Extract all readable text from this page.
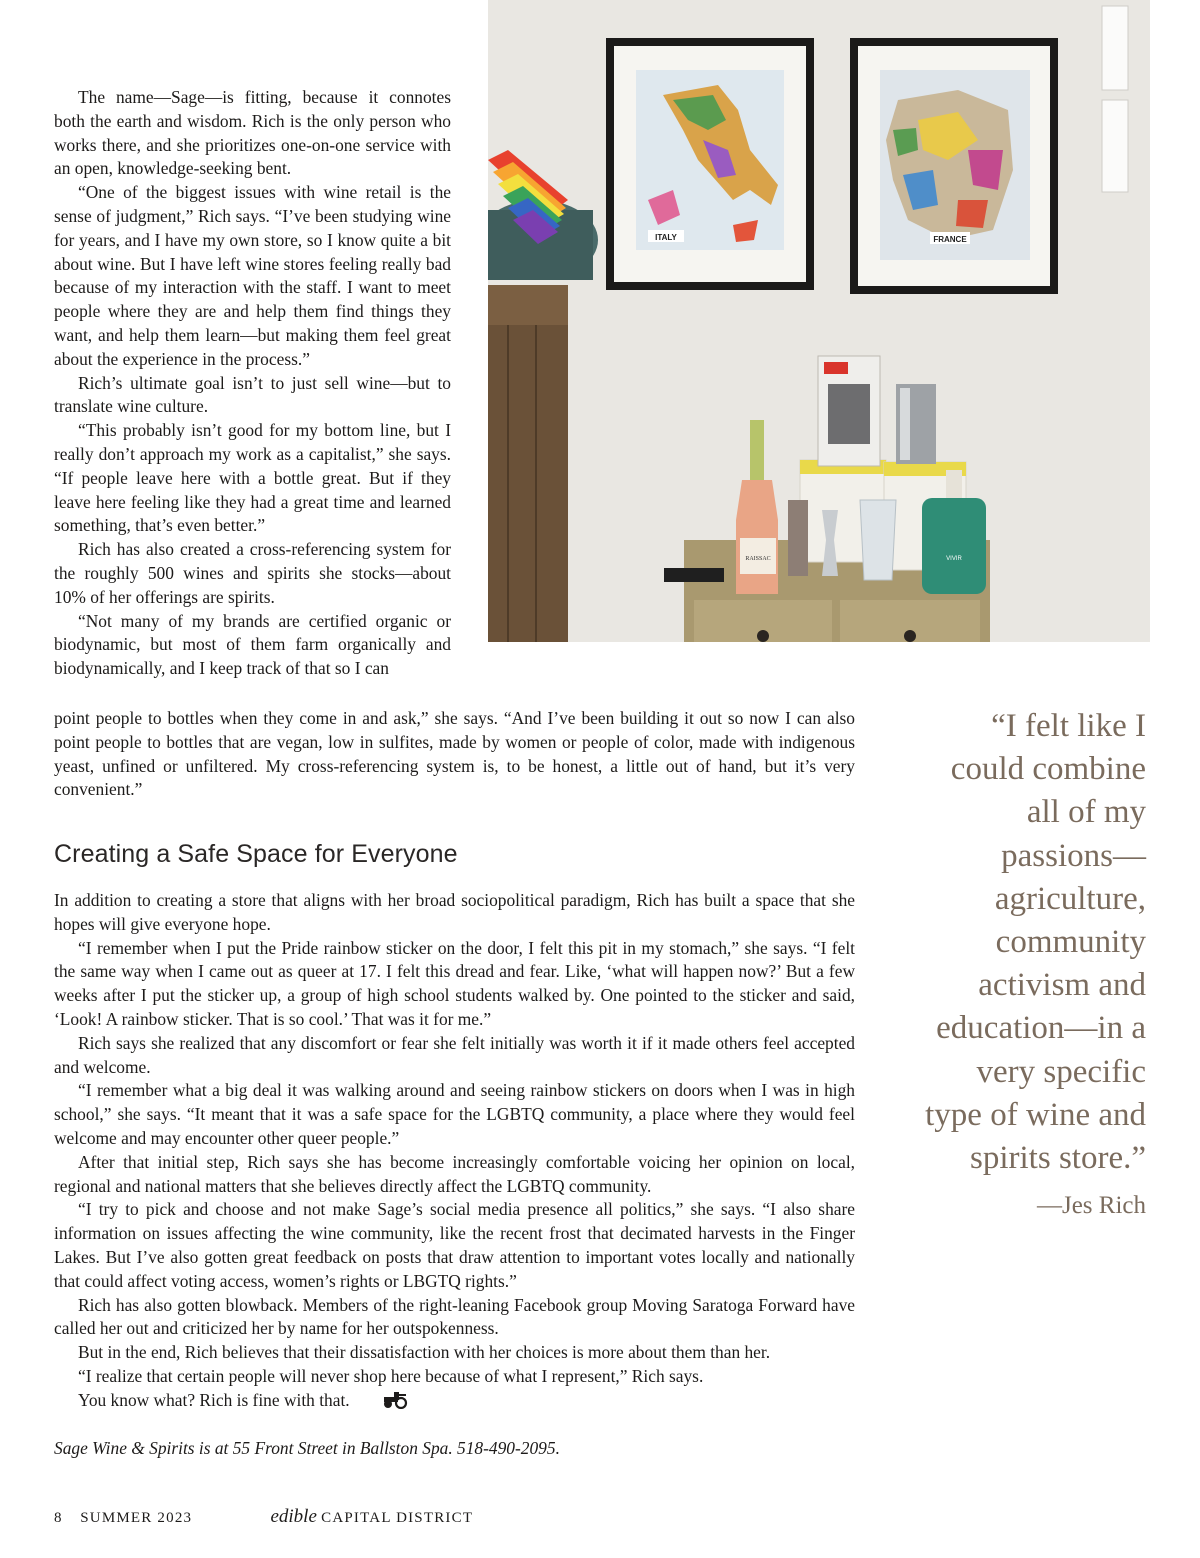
ITALY	FRANCE
RAISSAC	VIVIR

The name—Sage—is fitting, because it connotes both the earth and wisdom. Rich is the only person who works there, and she prioritizes one-on-one service with an open, knowledge-seeking bent.

“One of the biggest issues with wine retail is the sense of judgment,” Rich says. “I’ve been studying wine for years, and I have my own store, so I know quite a bit about wine. But I have left wine stores feeling really bad because of my interaction with the staff. I want to meet people where they are and help them find things they want, and help them learn—but making them feel great about the experience in the process.”

Rich’s ultimate goal isn’t to just sell wine—but to translate wine culture.

“This probably isn’t good for my bottom line, but I really don’t approach my work as a capitalist,” she says. “If people leave here with a bottle great. But if they leave here feeling like they had a great time and learned something, that’s even better.”

Rich has also created a cross-referencing system for the roughly 500 wines and spirits she stocks—about 10% of her offerings are spirits.

“Not many of my brands are certified organic or biodynamic, but most of them farm organically and biodynamically, and I keep track of that so I can

point people to bottles when they come in and ask,” she says. “And I’ve been building it out so now I can also point people to bottles that are vegan, low in sulfites, made by women or people of color, made with indigenous yeast, unfined or unfiltered. My cross-referencing system is, to be honest, a little out of hand, but it’s very convenient.”

Creating a Safe Space for Everyone

In addition to creating a store that aligns with her broad sociopolitical paradigm, Rich has built a space that she hopes will give everyone hope.

“I remember when I put the Pride rainbow sticker on the door, I felt this pit in my stomach,” she says. “I felt the same way when I came out as queer at 17. I felt this dread and fear. Like, ‘what will happen now?’ But a few weeks after I put the sticker up, a group of high school students walked by. One pointed to the sticker and said, ‘Look! A rainbow sticker. That is so cool.’ That was it for me.”

Rich says she realized that any discomfort or fear she felt initially was worth it if it made others feel accepted and welcome.

“I remember what a big deal it was walking around and seeing rainbow stickers on doors when I was in high school,” she says. “It meant that it was a safe space for the LGBTQ community, a place where they would feel welcome and may encounter other queer people.”

After that initial step, Rich says she has become increasingly comfortable voicing her opinion on local, regional and national matters that she believes directly affect the LGBTQ community.

“I try to pick and choose and not make Sage’s social media presence all politics,” she says. “I also share information on issues affecting the wine community, like the recent frost that decimated harvests in the Finger Lakes. But I’ve also gotten great feedback on posts that draw attention to important votes locally and nationally that could affect voting access, women’s rights or LBGTQ rights.”

Rich has also gotten blowback. Members of the right-leaning Facebook group Moving Saratoga Forward have called her out and criticized her by name for her outspokenness.

But in the end, Rich believes that their dissatisfaction with her choices is more about them than her.

“I realize that certain people will never shop here because of what I represent,” Rich says.

You know what? Rich is fine with that.

Sage Wine & Spirits is at 55 Front Street in Ballston Spa. 518-490-2095.
“I felt like I could combine all of my passions—agriculture, community activism and education—in a very specific type of wine and spirits store.”
—Jes Rich
8 SUMMER 2023	edible CAPITAL DISTRICT
